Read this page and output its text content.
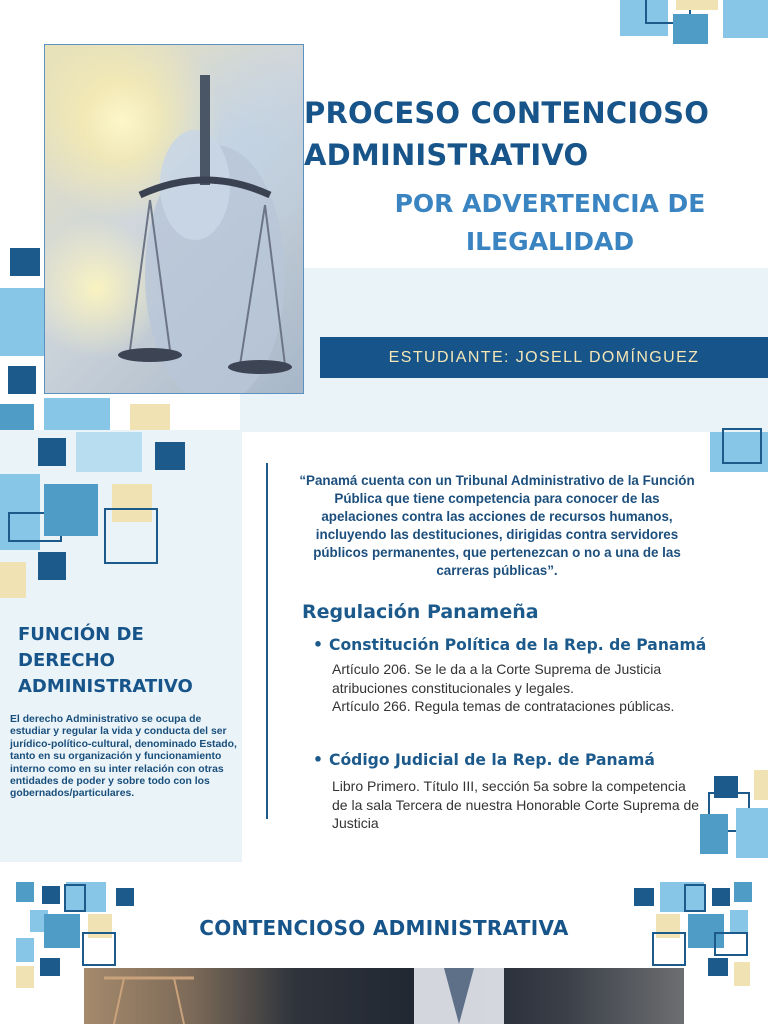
PROCESO CONTENCIOSO ADMINISTRATIVO
POR ADVERTENCIA DE ILEGALIDAD
ESTUDIANTE: JOSELL DOMÍNGUEZ
FUNCIÓN DE DERECHO ADMINISTRATIVO
El derecho Administrativo se ocupa de estudiar y regular la vida y conducta del ser jurídico-político-cultural, denominado Estado, tanto en su organización y funcionamiento interno como en su inter relación con otras entidades de poder y sobre todo con los gobernados/particulares.
“Panamá cuenta con un Tribunal Administrativo de la Función Pública que tiene competencia para conocer de las apelaciones contra las acciones de recursos humanos, incluyendo las destituciones, dirigidas contra servidores públicos permanentes, que pertenezcan o no a una de las carreras públicas”.
Regulación Panameña
• Constitución Política de la Rep. de Panamá
Artículo 206. Se le da a la Corte Suprema de Justicia atribuciones constitucionales y legales.
Artículo 266. Regula temas de contrataciones públicas.
• Código Judicial de la Rep. de Panamá
Libro Primero. Título III, sección 5a sobre la competencia de la sala Tercera de nuestra Honorable Corte Suprema de Justicia
CONTENCIOSO ADMINISTRATIVA
